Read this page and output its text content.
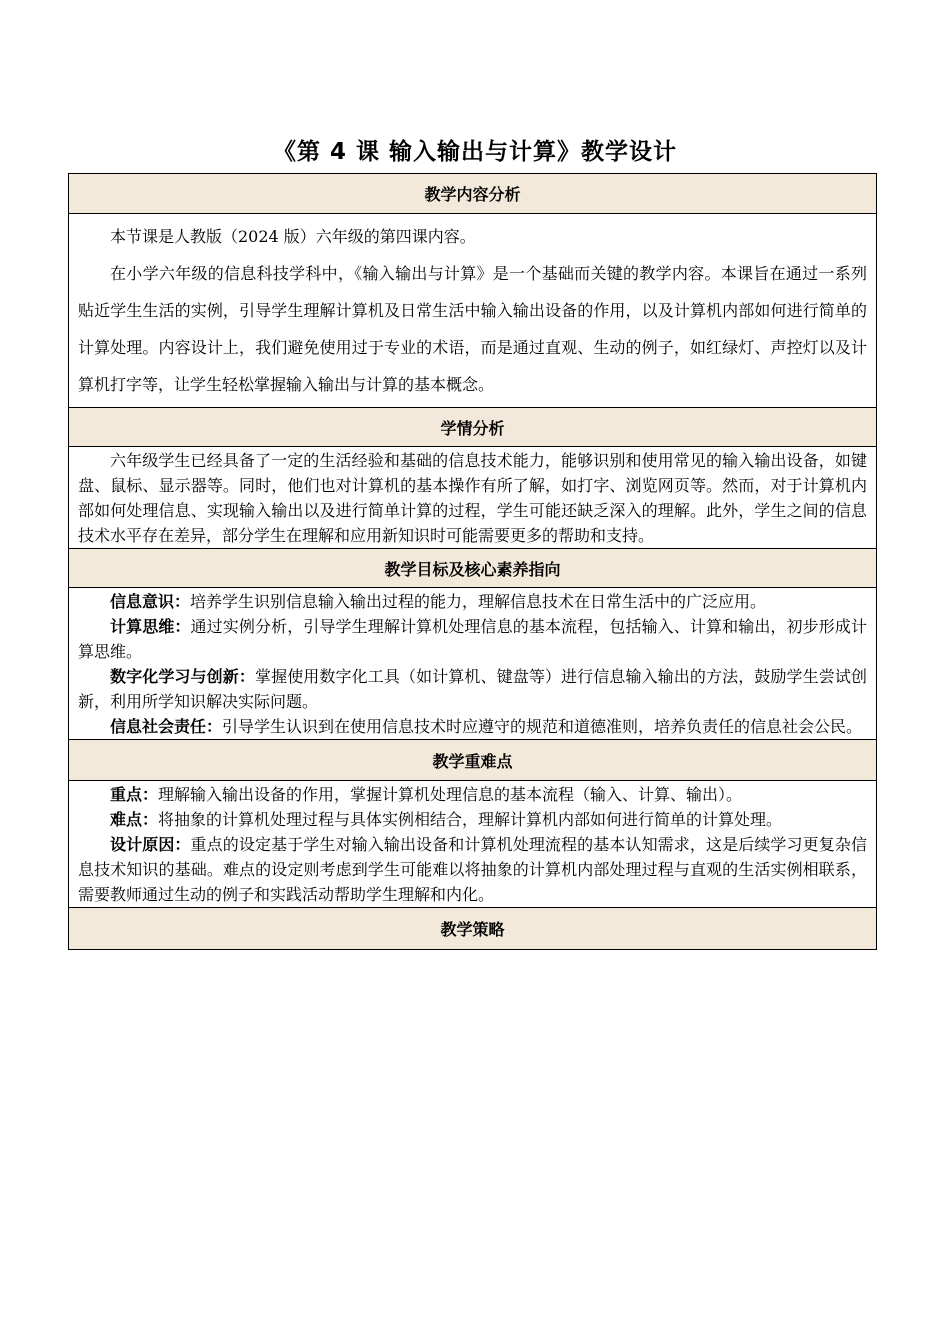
《第 4 课 输入输出与计算》教学设计
教学内容分析

本节课是人教版（2024 版）六年级的第四课内容。

在小学六年级的信息科技学科中，《输入输出与计算》是一个基础而关键的教学内容。本课旨在通过一系列贴近学生生活的实例，引导学生理解计算机及日常生活中输入输出设备的作用，以及计算机内部如何进行简单的计算处理。内容设计上，我们避免使用过于专业的术语，而是通过直观、生动的例子，如红绿灯、声控灯以及计算机打字等，让学生轻松掌握输入输出与计算的基本概念。

学情分析

六年级学生已经具备了一定的生活经验和基础的信息技术能力，能够识别和使用常见的输入输出设备，如键盘、鼠标、显示器等。同时，他们也对计算机的基本操作有所了解，如打字、浏览网页等。然而，对于计算机内部如何处理信息、实现输入输出以及进行简单计算的过程，学生可能还缺乏深入的理解。此外，学生之间的信息技术水平存在差异，部分学生在理解和应用新知识时可能需要更多的帮助和支持。

教学目标及核心素养指向

信息意识：培养学生识别信息输入输出过程的能力，理解信息技术在日常生活中的广泛应用。

计算思维：通过实例分析，引导学生理解计算机处理信息的基本流程，包括输入、计算和输出，初步形成计算思维。

数字化学习与创新：掌握使用数字化工具（如计算机、键盘等）进行信息输入输出的方法，鼓励学生尝试创新，利用所学知识解决实际问题。

信息社会责任：引导学生认识到在使用信息技术时应遵守的规范和道德准则，培养负责任的信息社会公民。

教学重难点

重点：理解输入输出设备的作用，掌握计算机处理信息的基本流程（输入、计算、输出）。

难点：将抽象的计算机处理过程与具体实例相结合，理解计算机内部如何进行简单的计算处理。

设计原因：重点的设定基于学生对输入输出设备和计算机处理流程的基本认知需求，这是后续学习更复杂信息技术知识的基础。难点的设定则考虑到学生可能难以将抽象的计算机内部处理过程与直观的生活实例相联系，需要教师通过生动的例子和实践活动帮助学生理解和内化。

教学策略
